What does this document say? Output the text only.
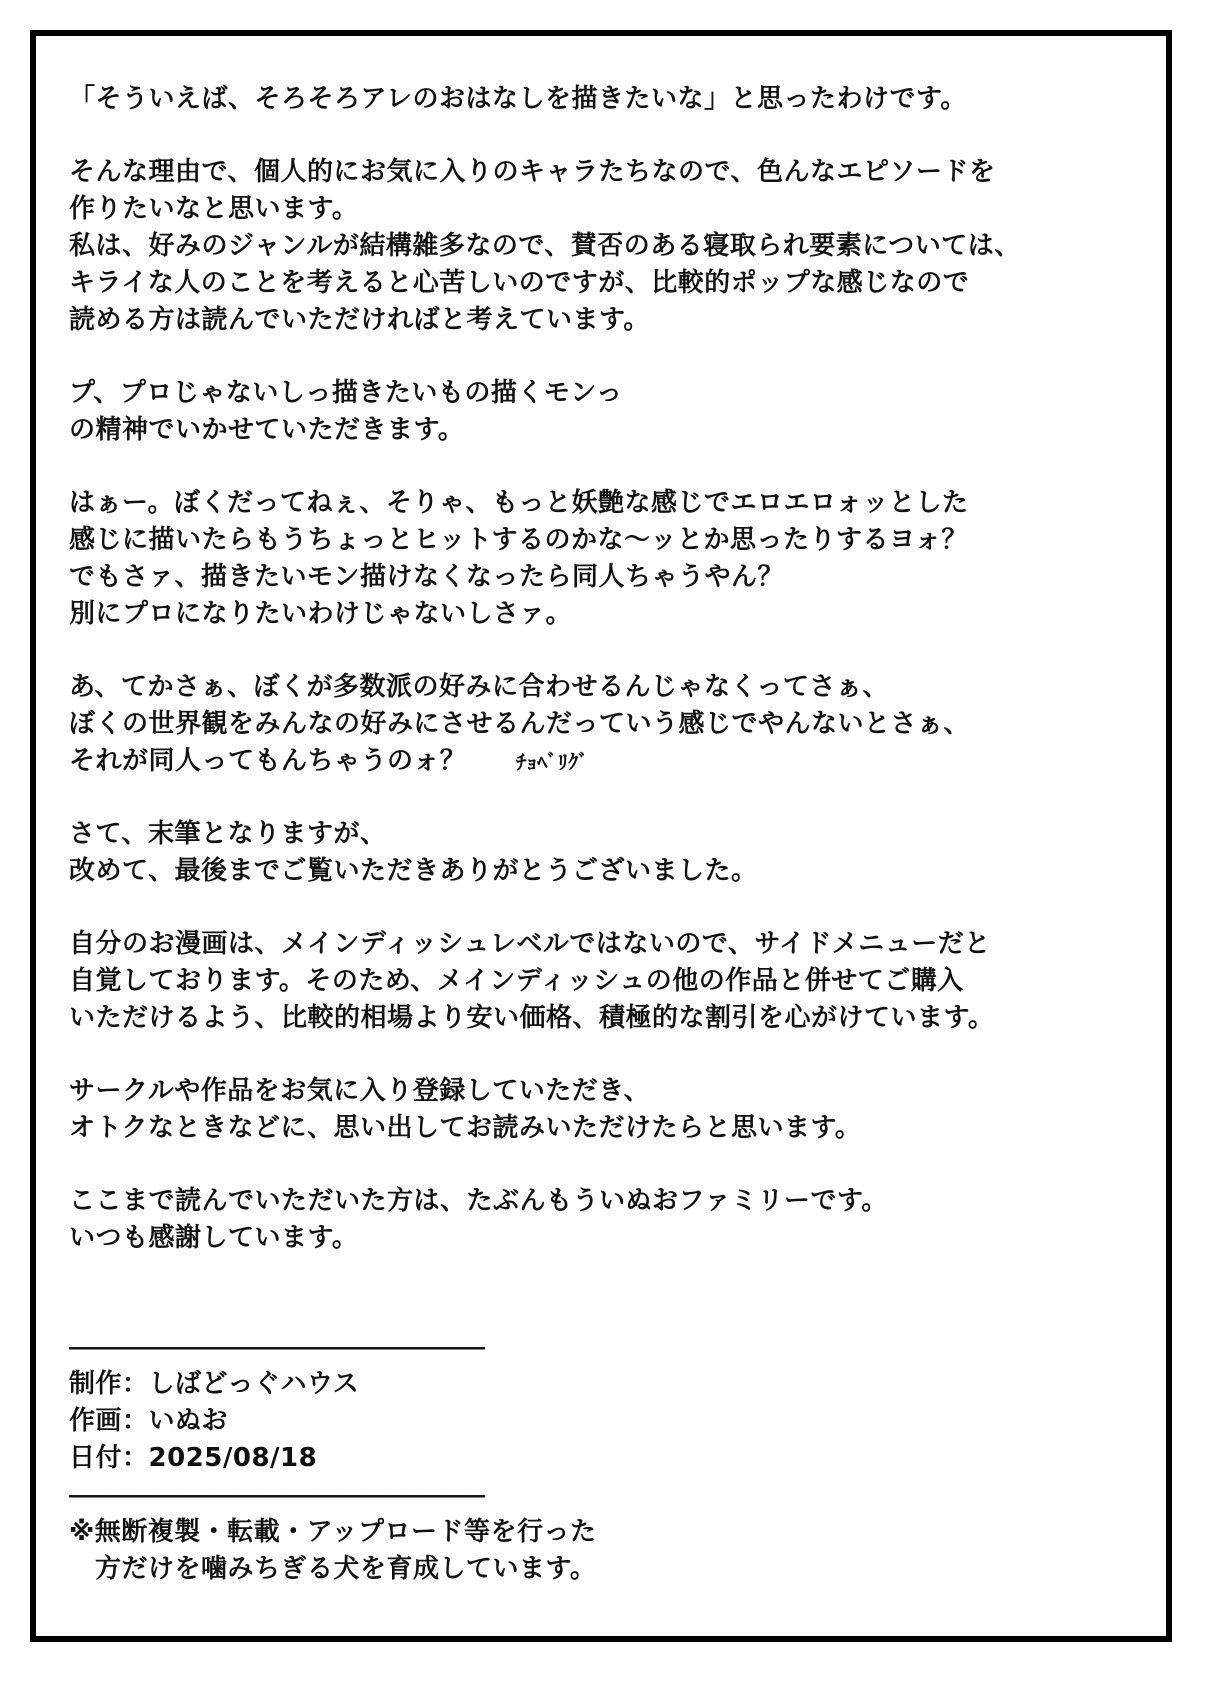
「そういえば、そろそろアレのおはなしを描きたいな」と思ったわけです。
そんな理由で、個人的にお気に入りのキャラたちなので、色んなエピソードを
作りたいなと思います。
私は、好みのジャンルが結構雑多なので、賛否のある寝取られ要素については、
キライな人のことを考えると心苦しいのですが、比較的ポップな感じなので
読める方は読んでいただければと考えています。
プ、プロじゃないしっ描きたいもの描くモンっ
の精神でいかせていただきます。
はぁー。ぼくだってねぇ、そりゃ、もっと妖艶な感じでエロエロォッとした
感じに描いたらもうちょっとヒットするのかな～ッとか思ったりするヨォ？
でもさァ、描きたいモン描けなくなったら同人ちゃうやん？
別にプロになりたいわけじゃないしさァ。
あ、てかさぁ、ぼくが多数派の好みに合わせるんじゃなくってさぁ、
ぼくの世界観をみんなの好みにさせるんだっていう感じでやんないとさぁ、
それが同人ってもんちゃうのォ？	ﾁｮﾍﾞﾘｸﾞ
さて、末筆となりますが、
改めて、最後までご覧いただきありがとうございました。
自分のお漫画は、メインディッシュレベルではないので、サイドメニューだと
自覚しております。そのため、メインディッシュの他の作品と併せてご購入
いただけるよう、比較的相場より安い価格、積極的な割引を心がけています。
サークルや作品をお気に入り登録していただき、
オトクなときなどに、思い出してお読みいただけたらと思います。
ここまで読んでいただいた方は、たぶんもういぬおファミリーです。
いつも感謝しています。
――――――――――――――――――――――――――――――――――――
制作：しばどっぐハウス
作画：いぬお
日付：2025/08/18
――――――――――――――――――――――――――――――――――――
※無断複製・転載・アップロード等を行った
方だけを噛みちぎる犬を育成しています。
